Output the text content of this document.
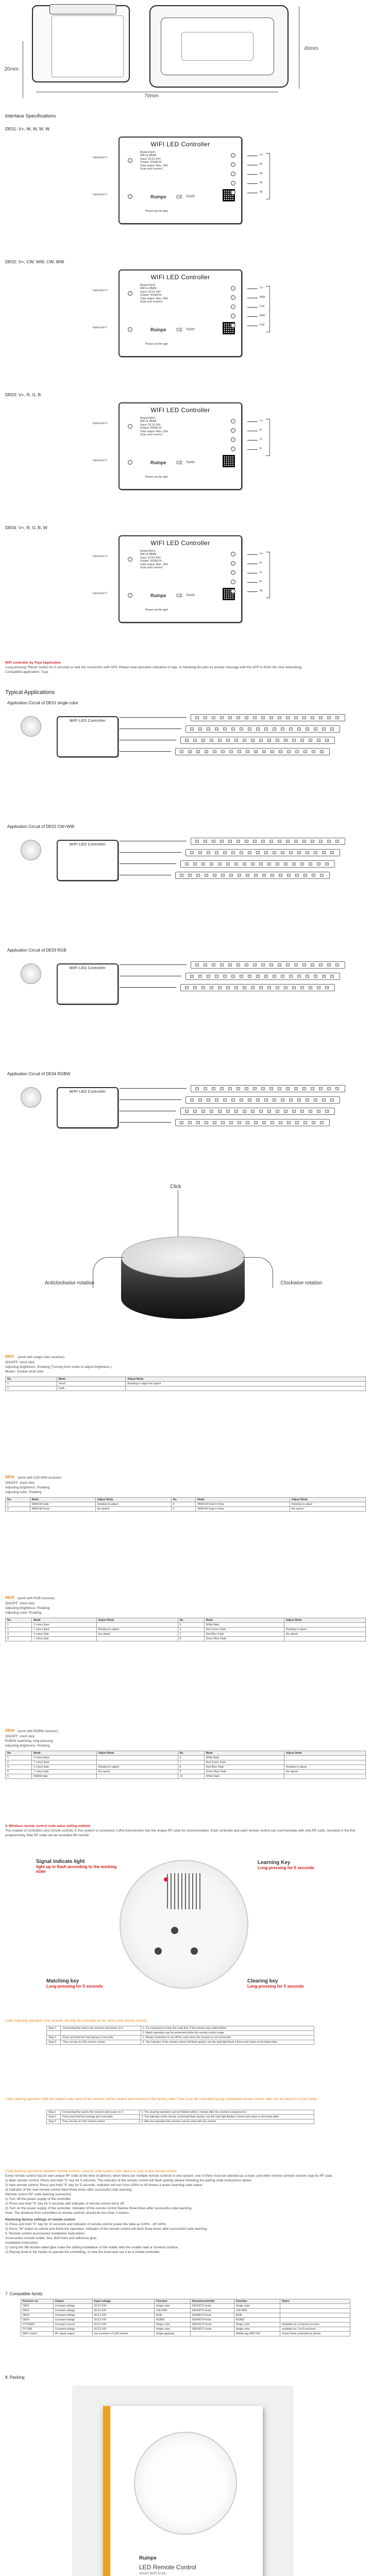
20mm
70mm
40mm
Interface Specifications
DE01: V+, W, W, W, W
WIFI LED Controller
Model:DE01
WiFi & 4BAN
Input: DC12-24V
Output: 4X5A/CH
Total output: Max. 20A
Scan and connect
Ruinpe CE RoHS
Please use the app!
Input port V
Input port 2
V+
W
W
W
W
DE02: V+, CW, WW, CW, WW
WIFI LED Controller
Model:DE01
WiFi & 4BAN
Input: DC12-24V
Output: 4X5A/CH
Total output: Max. 20A
Scan and connect
Ruinpe CE RoHS
Please use the app!
Input port V
Input port 2
V+
WW
CW
WW
CW
DE03: V+, R, G, B
WIFI LED Controller
Model:DE01
WiFi & 4BAN
Input: DC12-24V
Output: 4X5A/CH
Total output: Max. 20A
Scan and connect
Ruinpe CE RoHS
Please use the app!
Input port V
Input port 2
V+
R
G
B
DE04: V+, R, G, B, W
WIFI LED Controller
Model:DE01
WiFi & 4BAN
Input: DC12-24V
Output: 4X5A/CH
Total output: Max. 20A
Scan and connect
Ruinpe CE RoHS
Please use the app!
Input port V
Input port 2
V+
R
G
B
W
WiFi controller by Tuya Application
Long pressing "Reset" button for 5 seconds or wait the connection with APP. Please read operation indication of App, or following the plan as prompt message with the APP to finish the next networking.
Compatible application: Tuya
Typical Applications
Application Circuit of DE01 single color
WIFI LED Controller
Application Circuit of DE02 CW+WW
WIFI LED Controller
Application Circuit of DE03 RGB
WIFI LED Controller
Application Circuit of DE04 RGBW
WIFI LED Controller
Click
Anticlockwise rotation	Clockwise rotation
DE01 (work with single color receiver)
ON/OFF: short click
Adjusting brightness: Rotating (Turning from mode to adjust brightness )
Modes: Double short click
No.	Mode	Adjust Mode
1	Fixed	Rotating to adjust the speed
2	Fade	
DE02 (work with CW+WW receiver)
ON/OFF: short click
Adjusting brightness: Rotating
Adjusting color: Rotating
No.	Mode	Adjust Mode	No.	Mode	Adjust Mode
1	WW/CW Fade	Rotating to adjust	4	WW/CW Fade in three	Rotating to adjust
2	WW/CW Fixed	the speed	5	WW/CW Fade in three	the speed
DE03 (work with RGB receiver)
ON/OFF: short click
Adjusting brightness: Rotating
Adjusting color: Rotating
No.	Mode	Adjust Mode	No.	Mode	Adjust Mode
1	3 colors flash		5	White flash	
2	7 colors flash	Rotating to adjust	6	Red Green Fade	Rotating to adjust
3	3 colors fade	the speed	7	Red Blue Fade	the speed
4	7 colors fade		8	Green Blue Fade	
DE04 (work with RGBW receiver)
ON/OFF: short click
RGB/W switching: long pressing
Adjusting brightness: Rotating
No.	Mode	Adjust Mode	No.	Mode	Adjust Mode
1	3 colors flash		6	White flash	
2	7 colors flash		7	Red Green Fade	
3	3 colors fade	Rotating to adjust	8	Red Blue Fade	Rotating to adjust
4	7 colors fade	the speed	9	Green Blue Fade	the speed
5	RGBW fade		10	White Fade	
4. Wireless remote control code value setting method
The module of controllers and remote controls in this system is connected, LoRa transmission has the unique RF code for communication. Each controller and each remote control can communicate with only RF code, recorded in the first programming. Max RF code can be recorded 8th remote.
Signal indicate light
light up in flash according to the working state
Learning Key
Long-pressing for 5 seconds
Matching key
Long-pressing for 5 seconds
Clearing key
Long-pressing for 5 seconds
Code matching operation (The receiver will only be controlled by the same code remote control)
Step 1	Connecting the load to the receiver and power on it	1. It is necessary to clear the code first. If the remote was coded before
		2. Match operation can be performed within the remote control range
Step 2	Press and hold the learning key 5 seconds	3. Please remember to cut off the code when the receiver is not connected.
Step 3	They are key to LED remote control.	4. The indicator of the remote control will flash quickly, see the load light flash 3 times and return to the initial state.
Code clearing operation (Will the original code value of the receiver will be cleared and returned to the factory state. Then it can be controlled by any compatible remote control, after can be paired to a new code)
Step 1	Connecting the load to the receiver and power on it	1. The clearing operation can be finished within 1 minute after the receiver is powered on.
Step 2	Press and hold the learning key 5 seconds	2. The indicator of the remote control will flash quickly, see the load light flashes 3 times and return to the initial state.
Step 3	They are key to LED remote control	3. After the operation the receiver can be used with any remote.
Code learning operations between remote controls: Used to unify system code values or copy a new remote control.
Every remote control has its own unique RF code at the time of delivery; when there are multiple remote controls in one system, one of them must be selected as a main, and other remote controls receive copy its RF code.
1) Main remote control: Press and hold "S" key for 5 seconds. The indicator of the remote control will flash quickly, please following the pairing code instructions above.
2) New remote control: Press and hold "S" key for 5 seconds. Indicator will turn from 100% to off means it enters learning code status.
3) Indicator of the new remote control flash three times after successful code learning.
Remote control RF code learning successful.
1) Turn off the power supply of the controller.
2) Press and hold "S" key for 5 seconds with indicator of remote control turns off.
3) Turn on the power supply of the controller. Indicator of the remote control flashes three times after successful code learning.
Note: The distance from controllers to remote controls should be less than 2 meters.
Restoring factory settings of remote control
1) Press and hold "S" key for 10 seconds and indicator of remote control power the slide as 100% - off 100%.
2) Press "M" button to cancel and finish the operation. Indicator of the remote control will flash three times after successful code learning.
5. Remote control accessories installation instructions
Accessories include holder, box, Bolt foam and adhesive glue.
Installation instruction:
1) Using the 3M double-sided glue make the drilling installation of the holder with the smaller wall or furniture surface.
2) Placing knob in the holder to operate the controlling, or take the knob and use it as a mobile controller.
7. Compatible family
Receiver no.	Output	Input voltage	Function	Remote/controller	Function	Notes
DE01	Constant voltage	DC12-24V	Single color	DE01/DT1 knob	Single color	
DE02	Constant voltage	DC12-24V	CW+WW	DE02/DT2 knob	CW+WW	
DE03	Constant voltage	DC12-24V	RGB	DE03/DT3 knob	RGB	
DE04	Constant voltage	DC12-24V	RGBW	DE04/DT4 knob	RGBW	
DT-DIM01	Constant current	DC12-24V	Single color	DE01/DT1 Knob	Single color	Available for 4-channel receiver
DT-DIM	Constant voltage	DC12-24V	Single color	DE01/DT1 Knob	Single color	available for 1 to 8 receivers
WiFi-control	RF signal output	any receivers of LED remote	Single gateway		Mobile app APP IOS	Smart home controlled by phone
8. Packing
Ruinpe
LED Remote Control
Smart WiFi knob
